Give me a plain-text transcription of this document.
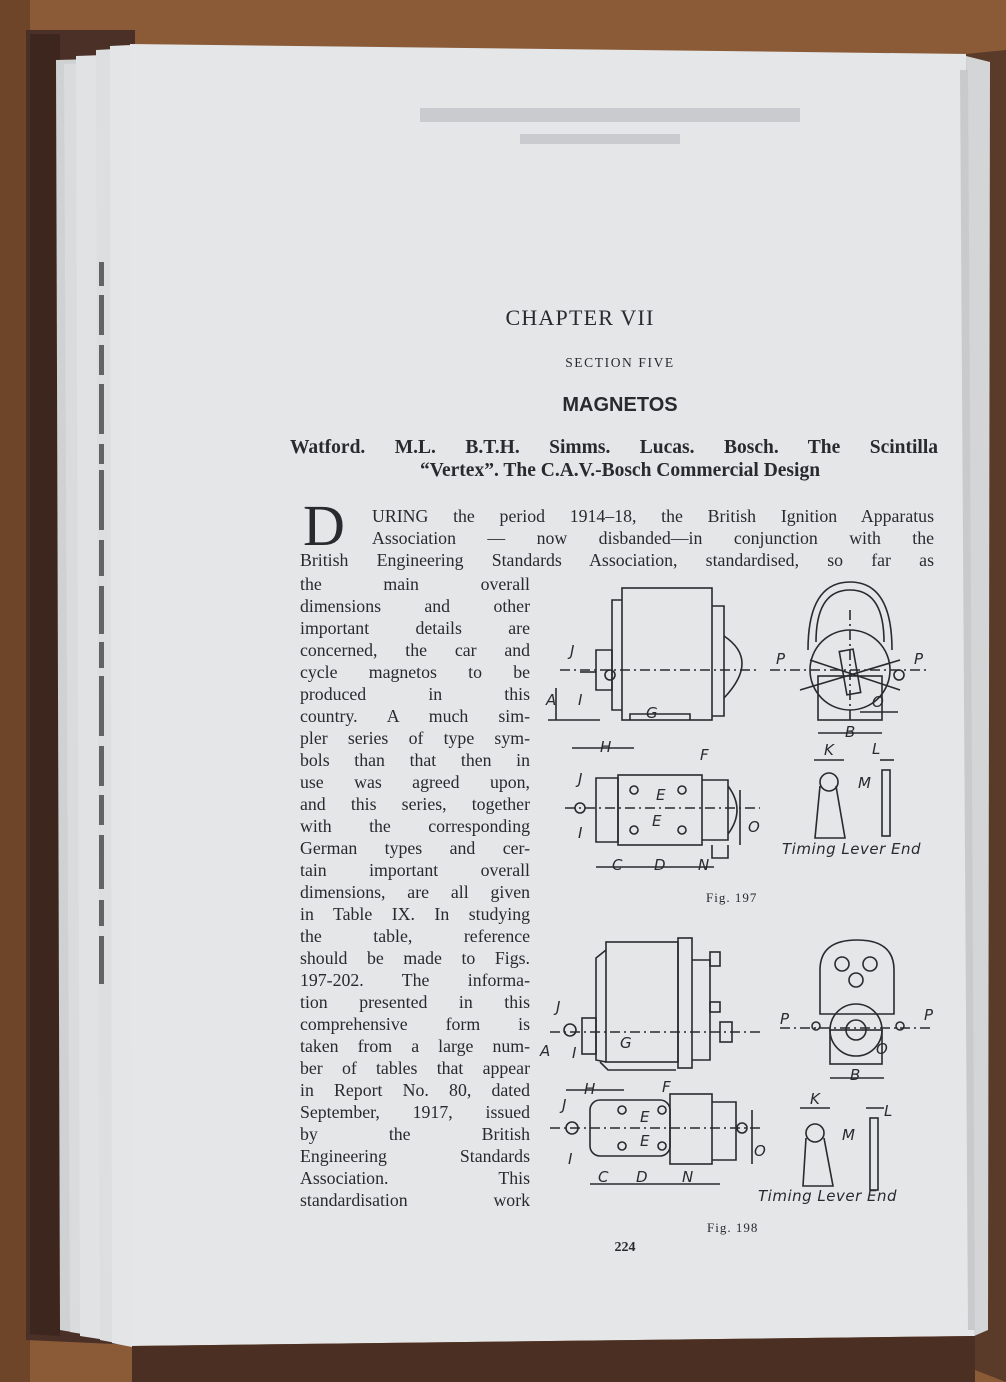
J
A I
G
P	P
O
B
H	F
J
I
E
E
C D N
O
K	L
M
J
A I
G
P	P
O
B
H	F
J
I
E
E
C D N
O
K
L
M
CHAPTER VII
SECTION FIVE
MAGNETOS
Watford. M.L. B.T.H. Simms. Lucas. Bosch. The Scintilla
“Vertex”. The C.A.V.-Bosch Commercial Design
D URING the period 1914–18, the British Ignition Apparatus
Association — now disbanded—in conjunction with the
British Engineering Standards Association, standardised, so far as
the main overall
dimensions and other
important details are
concerned, the car and
cycle magnetos to be
produced in this
country. A much sim-
pler series of type sym-
bols than that then in
use was agreed upon,
and this series, together
with the corresponding
German types and cer-
tain important overall
dimensions, are all given
in Table IX. In studying
the table, reference
should be made to Figs.
197-202. The informa-
tion presented in this
comprehensive form is
taken from a large num-
ber of tables that appear
in Report No. 80, dated
September, 1917, issued
by the British
Engineering Standards
Association. This
standardisation work
Fig. 197
Fig. 198
Timing Lever End
Timing Lever End
224
